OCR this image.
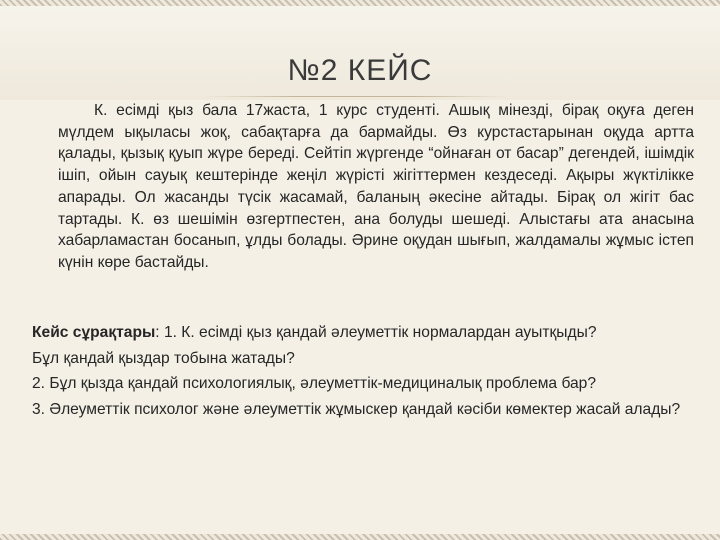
№2 КЕЙС

К. есімді қыз бала 17жаста, 1 курс студенті. Ашық мінезді, бірақ оқуға деген мүлдем ықыласы жоқ, сабақтарға да бармайды. Өз курстастарынан оқуда артта қалады, қызық қуып жүре береді. Сейтіп жүргенде “ойнаған от басар” дегендей, ішімдік ішіп, ойын сауық кештерінде жеңіл жүрісті жігіттермен кездеседі. Ақыры жүктілікке апарады. Ол жасанды түсік жасамай, баланың әкесіне айтады. Бірақ ол жігіт бас тартады. К. өз шешімін өзгертпестен, ана болуды шешеді. Алыстағы ата анасына хабарламастан босанып, ұлды болады. Әрине оқудан шығып, жалдамалы жұмыс істеп күнін көре бастайды.

Кейс сұрақтары: 1. К. есімді қыз қандай әлеуметтік нормалардан ауытқыды?
Бұл қандай қыздар тобына жатады?
2. Бұл қызда қандай психологиялық, әлеуметтік-медициналық проблема бар?
3. Әлеуметтік психолог және әлеуметтік жұмыскер қандай кәсіби көмектер жасай алады?
